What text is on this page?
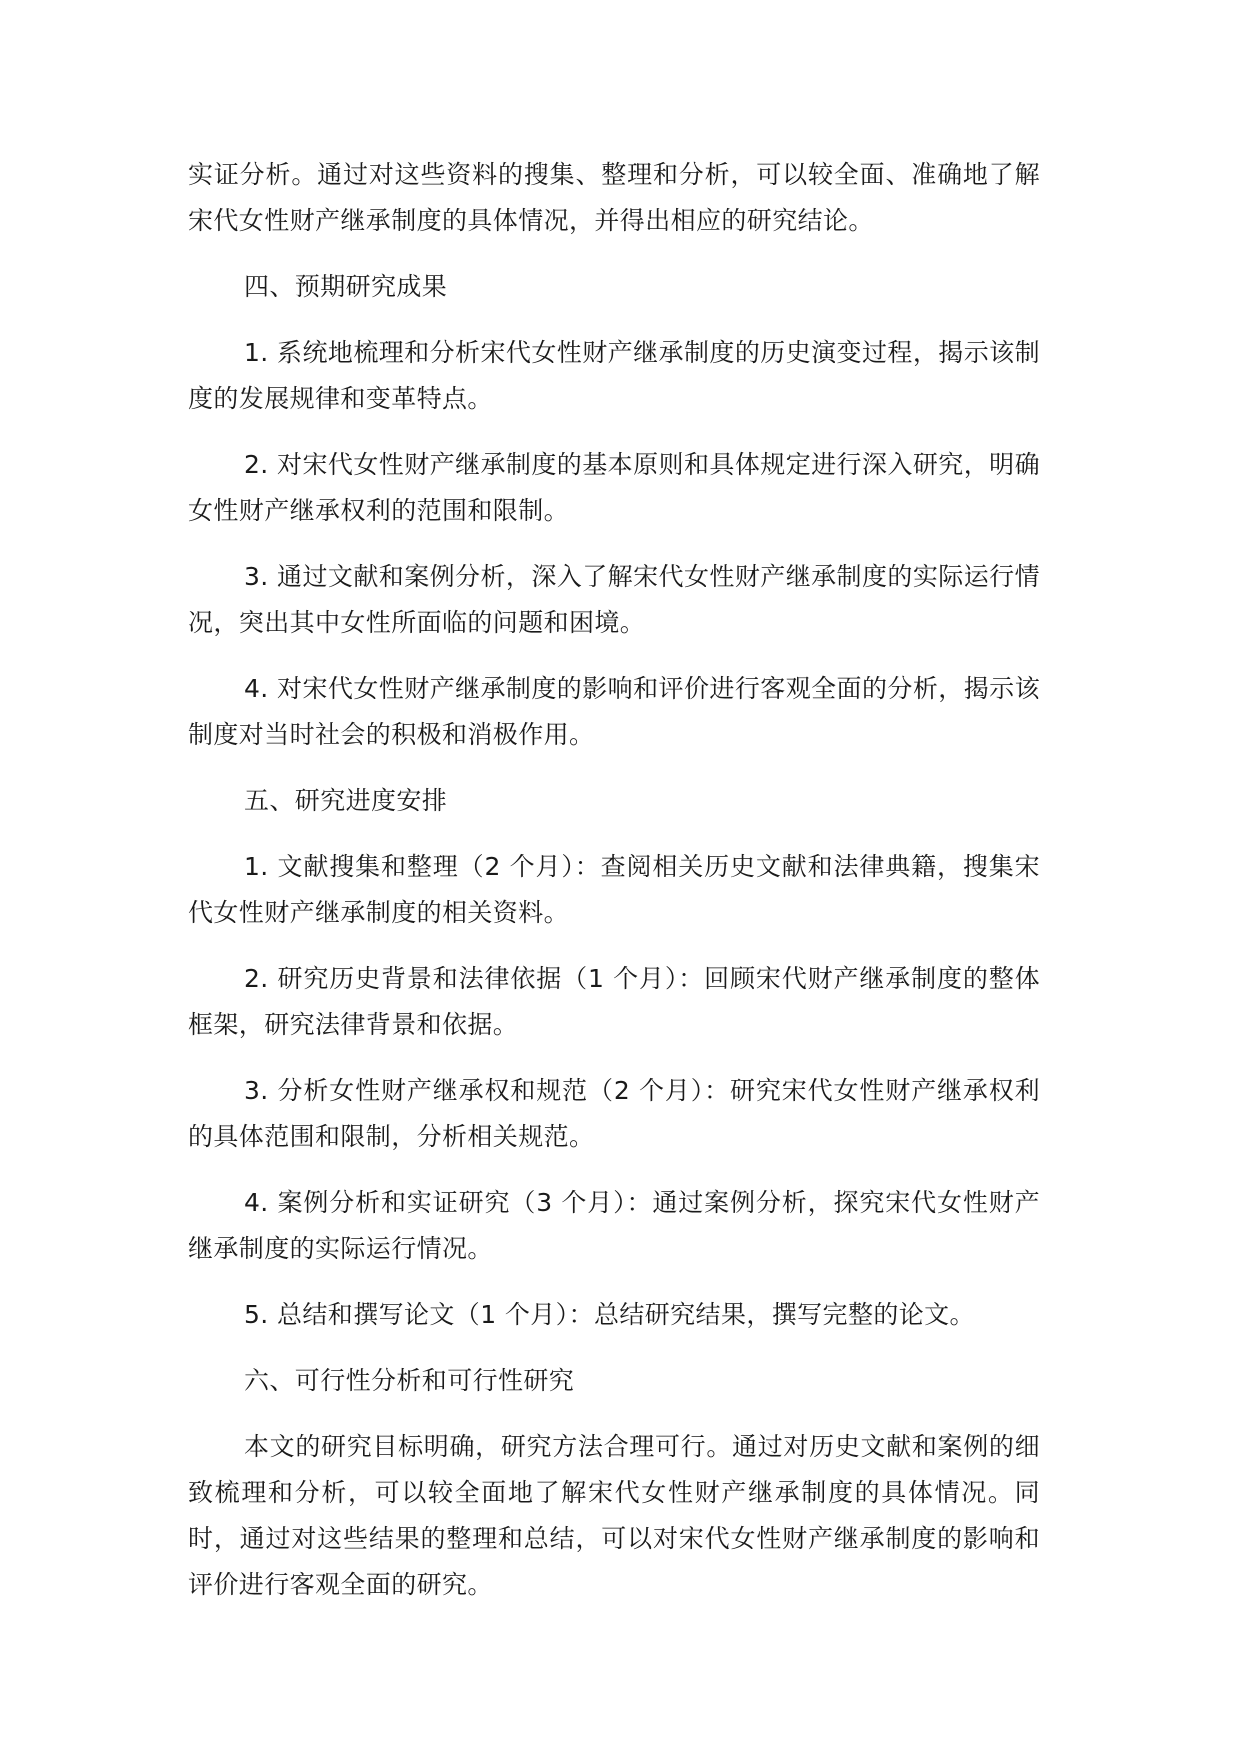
实证分析。通过对这些资料的搜集、整理和分析，可以较全面、准确地了解宋代女性财产继承制度的具体情况，并得出相应的研究结论。

四、预期研究成果

1. 系统地梳理和分析宋代女性财产继承制度的历史演变过程，揭示该制度的发展规律和变革特点。

2. 对宋代女性财产继承制度的基本原则和具体规定进行深入研究，明确女性财产继承权利的范围和限制。

3. 通过文献和案例分析，深入了解宋代女性财产继承制度的实际运行情况，突出其中女性所面临的问题和困境。

4. 对宋代女性财产继承制度的影响和评价进行客观全面的分析，揭示该制度对当时社会的积极和消极作用。

五、研究进度安排

1. 文献搜集和整理（2 个月）：查阅相关历史文献和法律典籍，搜集宋代女性财产继承制度的相关资料。

2. 研究历史背景和法律依据（1 个月）：回顾宋代财产继承制度的整体框架，研究法律背景和依据。

3. 分析女性财产继承权和规范（2 个月）：研究宋代女性财产继承权利的具体范围和限制，分析相关规范。

4. 案例分析和实证研究（3 个月）：通过案例分析，探究宋代女性财产继承制度的实际运行情况。

5. 总结和撰写论文（1 个月）：总结研究结果，撰写完整的论文。

六、可行性分析和可行性研究

本文的研究目标明确，研究方法合理可行。通过对历史文献和案例的细致梳理和分析，可以较全面地了解宋代女性财产继承制度的具体情况。同时，通过对这些结果的整理和总结，可以对宋代女性财产继承制度的影响和评价进行客观全面的研究。
